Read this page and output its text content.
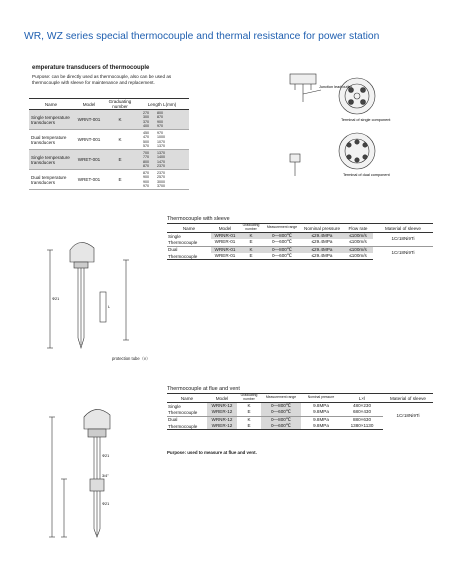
WR, WZ series special thermocouple and thermal resistance for power station
emperature transducers of thermocouple
Purpose: can be directly used as thermocouple, also can be used as thermocouple with sleeve for maintenance and replacement.
Name	Model	Graduating number	Length L(mm)
Single temperature transducers	WRNT-001	K	270 800
300 870
370 900
400 970
Dual temperature transducers	WRNT-001	K	450 970
470 1000
500 1070
570 1370
Single temperature transducers	WRET-001	E	700 1370
770 1400
800 1470
870 2370
Dual temperature transducers	WRET-001	E	870 2370
900 2570
900 3000
970 3700
Junction lead outlet
Terminal of single component
Terminal of dual component
Thermocouple with sleeve
Name	Model	Graduating number	Measurement range	Nominal pressure	Flow rate	Material of sleeve
Single	WRNR-01	K	0—800℃	≤29.4MPa	≤100m/s	1Cr18Ni9Ti
Thermocouple	WRER-01	E	0—600℃	≤29.4MPa	≤100m/s	
Dual	WRNR-01	K	0—800℃	≤29.4MPa	≤100m/s	1Cr18Ni9Ti
Thermocouple	WRER-01	E	0—600℃	≤29.4MPa	≤100m/s	
Φ21
L
protection tube（v）
Thermocouple at flue and vent
Name	Model	Graduating number	Measurement range	Nominal pressure	L×l	Material of sleeve
Single	WRNR-12	K	0—800℃	9.8MPa	480×230	1Cr18Ni9Ti
Thermocouple	WRER-12	E	0—600℃	9.8MPa	680×430	
Dual	WRNR-12	K	0—800℃	9.8MPa	880×630	
Thermocouple	WRER-12	E	0—600℃	9.8MPa	1380×1130	
Purpose: used to measure at flue and vent.
Φ21
3/4"
Φ21
